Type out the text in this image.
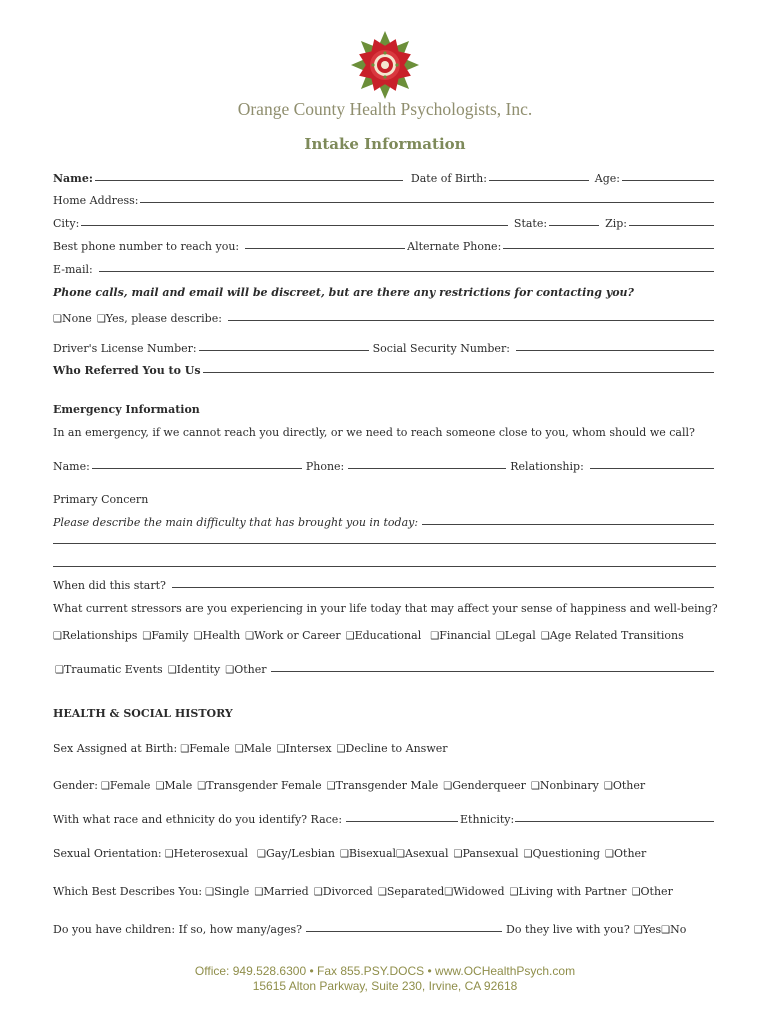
Orange County Health Psychologists, Inc.
Intake Information
Name:	Date of Birth:	Age:
Home Address:
City:	State:	Zip:
Best phone number to reach you:	Alternate Phone:
E-mail:
Phone calls, mail and email will be discreet, but are there any restrictions for contacting you?
❑ None ❑ Yes, please describe:
Driver's License Number:	Social Security Number:
Who Referred You to Us
Emergency Information
In an emergency, if we cannot reach you directly, or we need to reach someone close to you, whom should we call?
Name:	Phone:	Relationship:
Primary Concern
Please describe the main difficulty that has brought you in today:
When did this start?
What current stressors are you experiencing in your life today that may affect your sense of happiness and well-being?
❑ Relationships ❑ Family ❑ Health ❑ Work or Career ❑ Educational ❑ Financial ❑ Legal ❑ Age Related Transitions
❑ Traumatic Events ❑ Identity ❑ Other
HEALTH & SOCIAL HISTORY
Sex Assigned at Birth: ❑ Female ❑ Male ❑ Intersex ❑ Decline to Answer
Gender: ❑ Female ❑ Male ❑ Transgender Female ❑ Transgender Male ❑ Genderqueer ❑ Nonbinary ❑ Other
With what race and ethnicity do you identify? Race:	Ethnicity:
Sexual Orientation: ❑ Heterosexual ❑ Gay/Lesbian ❑ Bisexual ❑ Asexual ❑ Pansexual ❑ Questioning ❑ Other
Which Best Describes You: ❑ Single ❑ Married ❑ Divorced ❑ Separated ❑ Widowed ❑ Living with Partner ❑ Other
Do you have children: If so, how many/ages?	Do they live with you? ❑ Yes ❑ No
Office: 949.528.6300 • Fax 855.PSY.DOCS • www.OCHealthPsych.com
15615 Alton Parkway, Suite 230, Irvine, CA 92618
